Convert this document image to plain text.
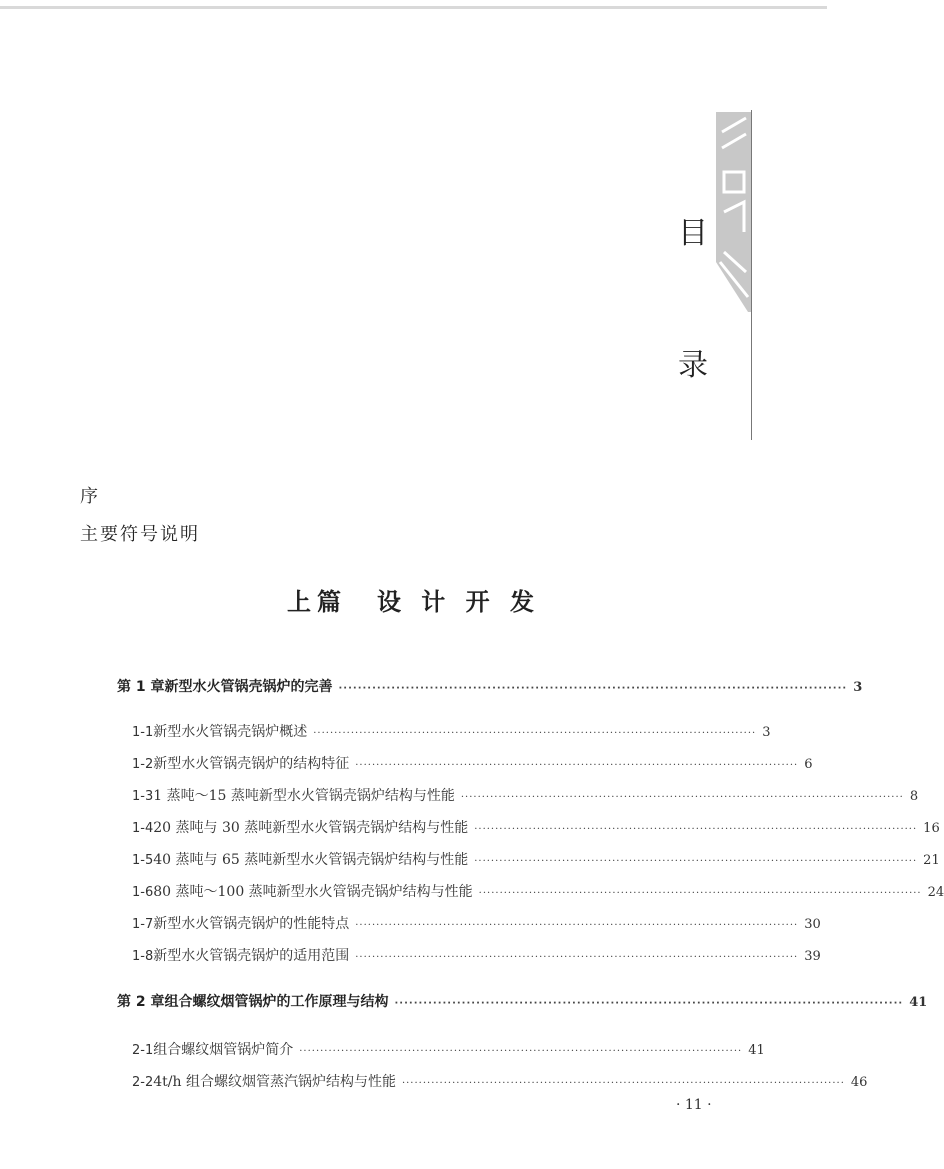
目
录
序
主要符号说明
上篇　设 计 开 发
第 1 章 新型水火管锅壳锅炉的完善 ·········································································································· 3
1-1 新型水火管锅壳锅炉概述 ·········································································································· 3
1-2 新型水火管锅壳锅炉的结构特征 ·········································································································· 6
1-3 1 蒸吨～15 蒸吨新型水火管锅壳锅炉结构与性能 ·········································································································· 8
1-4 20 蒸吨与 30 蒸吨新型水火管锅壳锅炉结构与性能 ·········································································································· 16
1-5 40 蒸吨与 65 蒸吨新型水火管锅壳锅炉结构与性能 ·········································································································· 21
1-6 80 蒸吨～100 蒸吨新型水火管锅壳锅炉结构与性能 ·········································································································· 24
1-7 新型水火管锅壳锅炉的性能特点 ·········································································································· 30
1-8 新型水火管锅壳锅炉的适用范围 ·········································································································· 39
第 2 章 组合螺纹烟管锅炉的工作原理与结构 ·········································································································· 41
2-1 组合螺纹烟管锅炉简介 ·········································································································· 41
2-2 4t/h 组合螺纹烟管蒸汽锅炉结构与性能 ·········································································································· 46
· 11 ·
